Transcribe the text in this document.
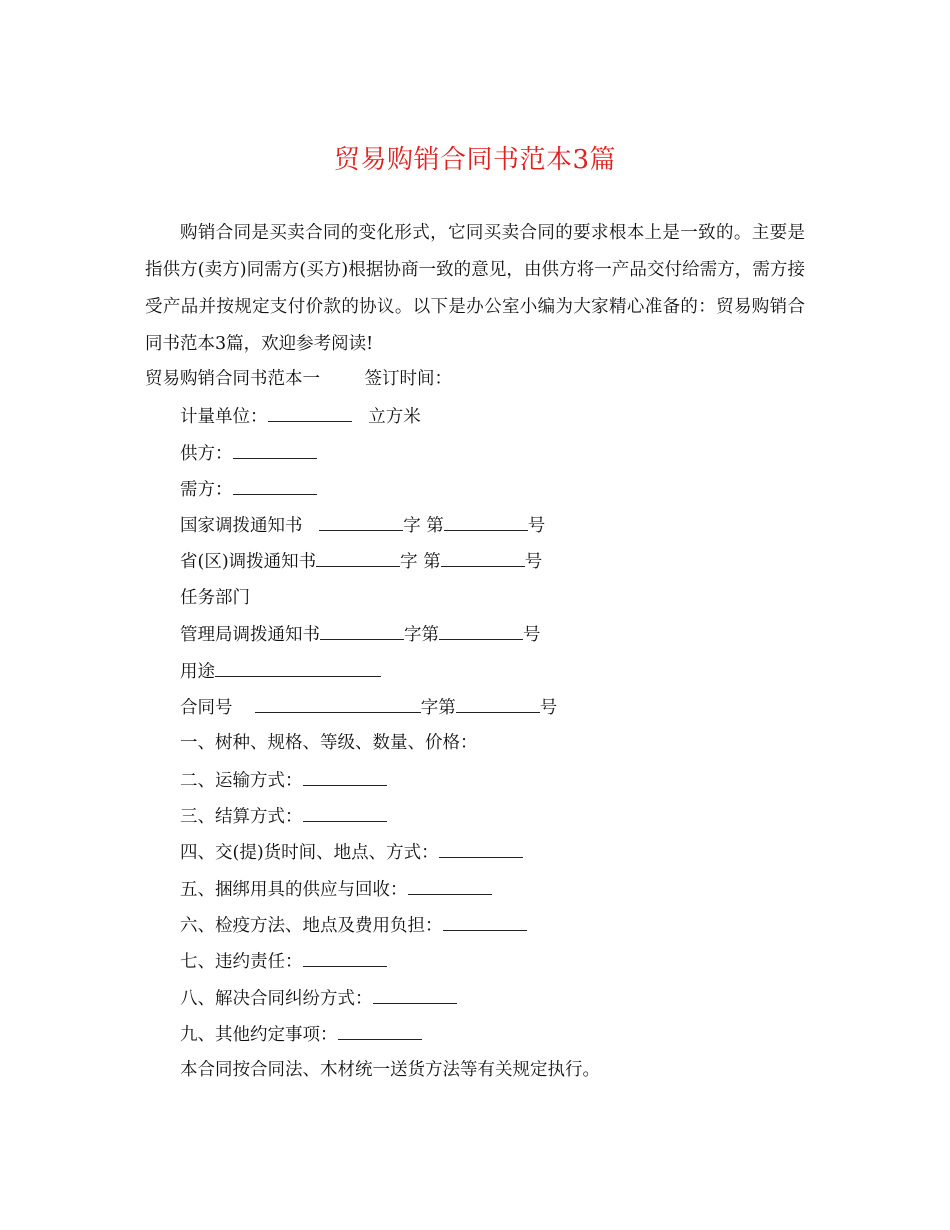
贸易购销合同书范本3篇

购销合同是买卖合同的变化形式，它同买卖合同的要求根本上是一致的。主要是指供方(卖方)同需方(买方)根据协商一致的意见，由供方将一产品交付给需方，需方接受产品并按规定支付价款的协议。以下是办公室小编为大家精心准备的：贸易购销合同书范本3篇，欢迎参考阅读!

贸易购销合同书范本一	签订时间：
计量单位：	立方米
供方：
需方：
国家调拨通知书	字 第	号
省(区)调拨通知书	字 第	号
任务部门
管理局调拨通知书	字第	号
用途
合同号	字第	号
一、树种、规格、等级、数量、价格：
二、运输方式：
三、结算方式：
四、交(提)货时间、地点、方式：
五、捆绑用具的供应与回收：
六、检疫方法、地点及费用负担：
七、违约责任：
八、解决合同纠纷方式：
九、其他约定事项：
本合同按合同法、木材统一送货方法等有关规定执行。
